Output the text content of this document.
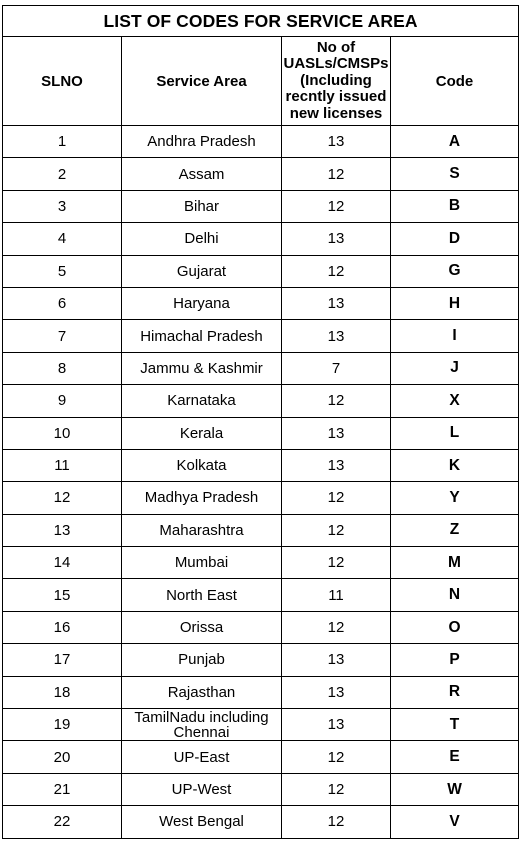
LIST OF CODES FOR SERVICE AREA			
SLNO	Service Area	No of UASLs/CMSPs (Including recntly issued new licenses	Code
1	Andhra Pradesh	13	A
2	Assam	12	S
3	Bihar	12	B
4	Delhi	13	D
5	Gujarat	12	G
6	Haryana	13	H
7	Himachal Pradesh	13	I
8	Jammu & Kashmir	7	J
9	Karnataka	12	X
10	Kerala	13	L
11	Kolkata	13	K
12	Madhya Pradesh	12	Y
13	Maharashtra	12	Z
14	Mumbai	12	M
15	North East	11	N
16	Orissa	12	O
17	Punjab	13	P
18	Rajasthan	13	R
19	TamilNadu including Chennai	13	T
20	UP-East	12	E
21	UP-West	12	W
22	West Bengal	12	V
